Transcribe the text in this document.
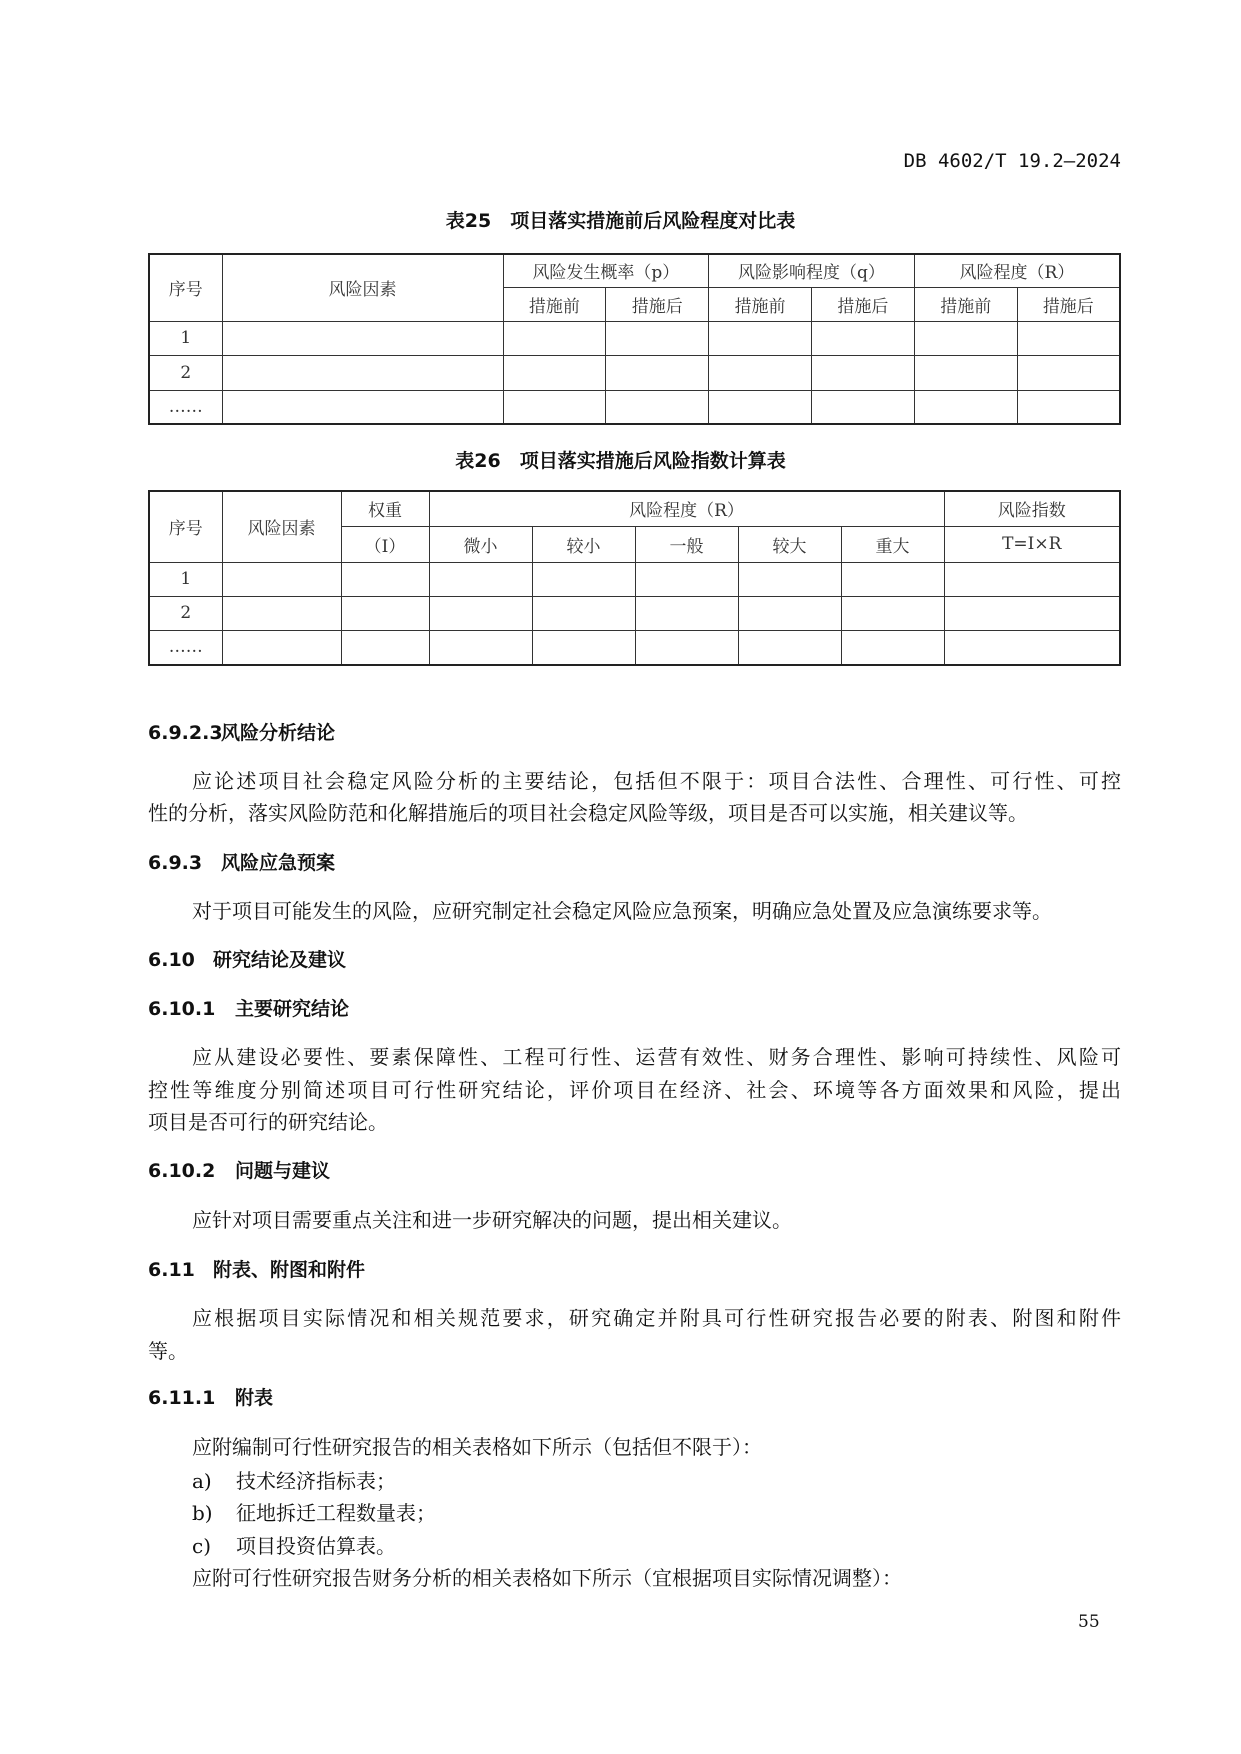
DB 4602/T 19.2—2024
表25　项目落实措施前后风险程度对比表
序号	风险因素	风险发生概率（p）		风险影响程度（q）		风险程度（R）	
		措施前	措施后	措施前	措施后	措施前	措施后
1							
2							
……							
表26　项目落实措施后风险指数计算表
序号	风险因素	权重	风险程度（R）					风险指数
		（I）	微小	较小	一般	较大	重大	T=I×R
1								
2								
……								
6.9.2.3风险分析结论
应论述项目社会稳定风险分析的主要结论，包括但不限于：项目合法性、合理性、可行性、可控
性的分析，落实风险防范和化解措施后的项目社会稳定风险等级，项目是否可以实施，相关建议等。
6.9.3 风险应急预案
对于项目可能发生的风险，应研究制定社会稳定风险应急预案，明确应急处置及应急演练要求等。
6.10 研究结论及建议
6.10.1 主要研究结论
应从建设必要性、要素保障性、工程可行性、运营有效性、财务合理性、影响可持续性、风险可
控性等维度分别简述项目可行性研究结论，评价项目在经济、社会、环境等各方面效果和风险，提出
项目是否可行的研究结论。
6.10.2 问题与建议
应针对项目需要重点关注和进一步研究解决的问题，提出相关建议。
6.11 附表、附图和附件
应根据项目实际情况和相关规范要求，研究确定并附具可行性研究报告必要的附表、附图和附件
等。
6.11.1 附表
应附编制可行性研究报告的相关表格如下所示（包括但不限于）：
a) 技术经济指标表；
b) 征地拆迁工程数量表；
c) 项目投资估算表。
应附可行性研究报告财务分析的相关表格如下所示（宜根据项目实际情况调整）：
55
